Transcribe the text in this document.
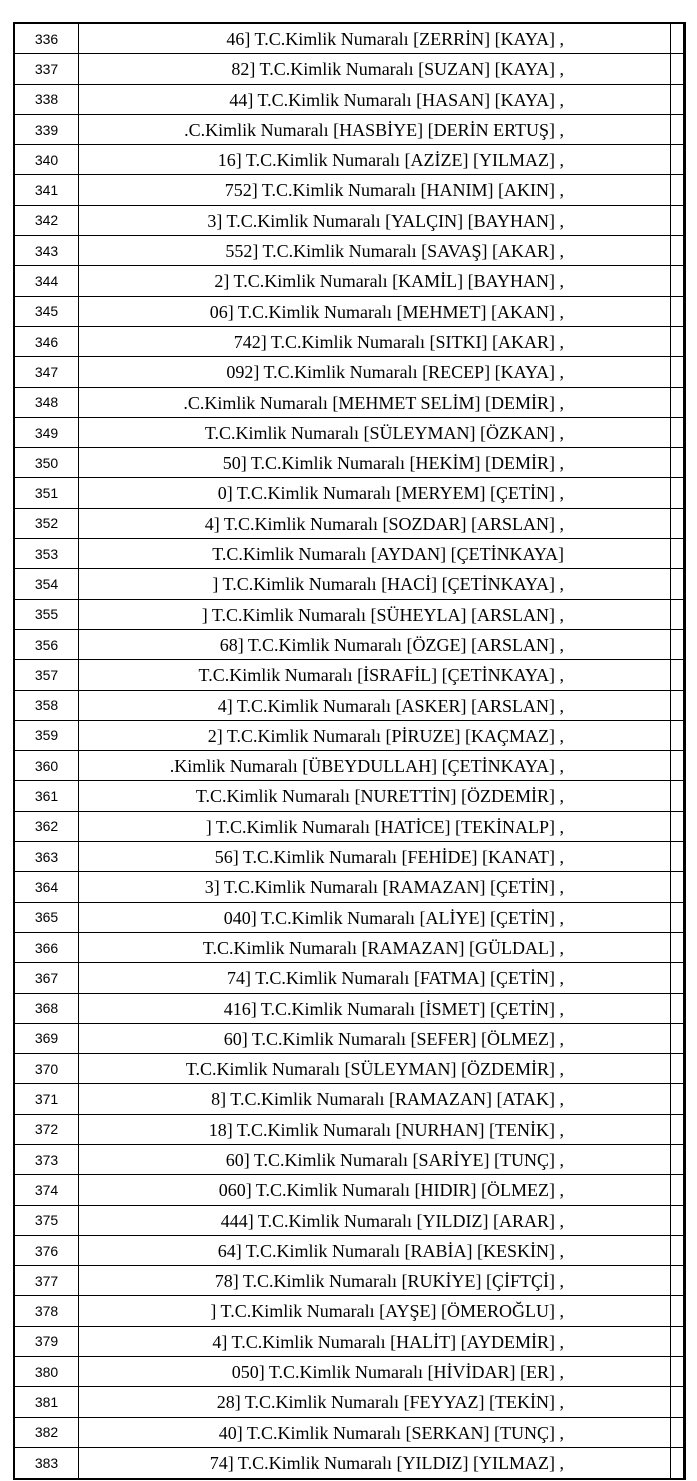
336	46] T.C.Kimlik Numaralı [ZERRİN] [KAYA] ,
337	82] T.C.Kimlik Numaralı [SUZAN] [KAYA] ,
338	44] T.C.Kimlik Numaralı [HASAN] [KAYA] ,
339	.C.Kimlik Numaralı [HASBİYE] [DERİN ERTUŞ] ,
340	16] T.C.Kimlik Numaralı [AZİZE] [YILMAZ] ,
341	752] T.C.Kimlik Numaralı [HANIM] [AKIN] ,
342	3] T.C.Kimlik Numaralı [YALÇIN] [BAYHAN] ,
343	552] T.C.Kimlik Numaralı [SAVAŞ] [AKAR] ,
344	2] T.C.Kimlik Numaralı [KAMİL] [BAYHAN] ,
345	06] T.C.Kimlik Numaralı [MEHMET] [AKAN] ,
346	742] T.C.Kimlik Numaralı [SITKI] [AKAR] ,
347	092] T.C.Kimlik Numaralı [RECEP] [KAYA] ,
348	.C.Kimlik Numaralı [MEHMET SELİM] [DEMİR] ,
349	T.C.Kimlik Numaralı [SÜLEYMAN] [ÖZKAN] ,
350	50] T.C.Kimlik Numaralı [HEKİM] [DEMİR] ,
351	0] T.C.Kimlik Numaralı [MERYEM] [ÇETİN] ,
352	4] T.C.Kimlik Numaralı [SOZDAR] [ARSLAN] ,
353	T.C.Kimlik Numaralı [AYDAN] [ÇETİNKAYA]
354	] T.C.Kimlik Numaralı [HACİ] [ÇETİNKAYA] ,
355	] T.C.Kimlik Numaralı [SÜHEYLA] [ARSLAN] ,
356	68] T.C.Kimlik Numaralı [ÖZGE] [ARSLAN] ,
357	T.C.Kimlik Numaralı [İSRAFİL] [ÇETİNKAYA] ,
358	4] T.C.Kimlik Numaralı [ASKER] [ARSLAN] ,
359	2] T.C.Kimlik Numaralı [PİRUZE] [KAÇMAZ] ,
360	.Kimlik Numaralı [ÜBEYDULLAH] [ÇETİNKAYA] ,
361	T.C.Kimlik Numaralı [NURETTİN] [ÖZDEMİR] ,
362	] T.C.Kimlik Numaralı [HATİCE] [TEKİNALP] ,
363	56] T.C.Kimlik Numaralı [FEHİDE] [KANAT] ,
364	3] T.C.Kimlik Numaralı [RAMAZAN] [ÇETİN] ,
365	040] T.C.Kimlik Numaralı [ALİYE] [ÇETİN] ,
366	T.C.Kimlik Numaralı [RAMAZAN] [GÜLDAL] ,
367	74] T.C.Kimlik Numaralı [FATMA] [ÇETİN] ,
368	416] T.C.Kimlik Numaralı [İSMET] [ÇETİN] ,
369	60] T.C.Kimlik Numaralı [SEFER] [ÖLMEZ] ,
370	T.C.Kimlik Numaralı [SÜLEYMAN] [ÖZDEMİR] ,
371	8] T.C.Kimlik Numaralı [RAMAZAN] [ATAK] ,
372	18] T.C.Kimlik Numaralı [NURHAN] [TENİK] ,
373	60] T.C.Kimlik Numaralı [SARİYE] [TUNÇ] ,
374	060] T.C.Kimlik Numaralı [HIDIR] [ÖLMEZ] ,
375	444] T.C.Kimlik Numaralı [YILDIZ] [ARAR] ,
376	64] T.C.Kimlik Numaralı [RABİA] [KESKİN] ,
377	78] T.C.Kimlik Numaralı [RUKİYE] [ÇİFTÇİ] ,
378	] T.C.Kimlik Numaralı [AYŞE] [ÖMEROĞLU] ,
379	4] T.C.Kimlik Numaralı [HALİT] [AYDEMİR] ,
380	050] T.C.Kimlik Numaralı [HİVİDAR] [ER] ,
381	28] T.C.Kimlik Numaralı [FEYYAZ] [TEKİN] ,
382	40] T.C.Kimlik Numaralı [SERKAN] [TUNÇ] ,
383	74] T.C.Kimlik Numaralı [YILDIZ] [YILMAZ] ,
